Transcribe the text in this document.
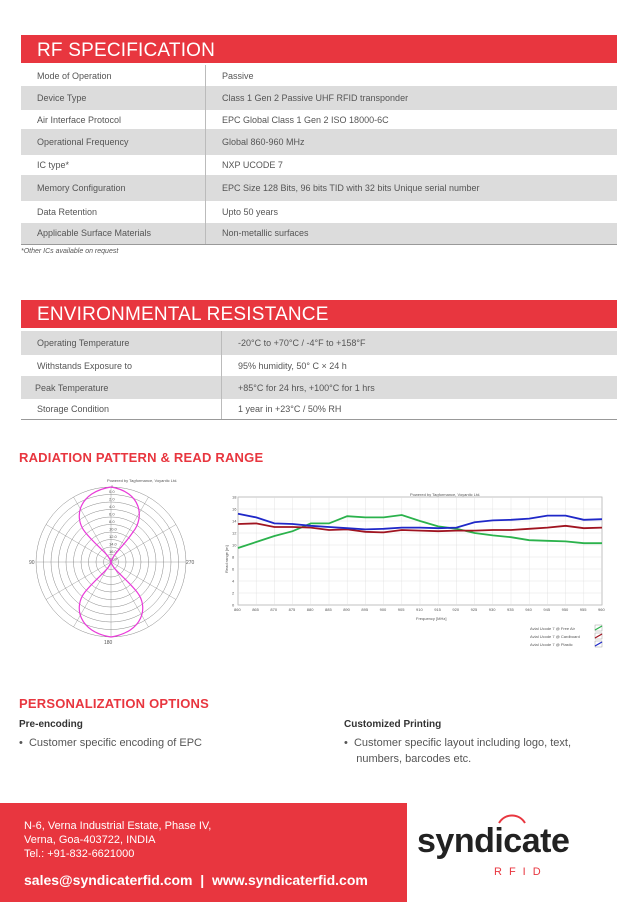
RF SPECIFICATION
Mode of Operation	Passive
Device Type	Class 1 Gen 2 Passive UHF RFID transponder
Air Interface Protocol	EPC Global Class 1 Gen 2 ISO 18000-6C
Operational Frequency	Global 860-960 MHz
IC type*	NXP UCODE 7
Memory Configuration	EPC Size 128 Bits, 96 bits TID with 32 bits Unique serial number
Data Retention	Upto 50 years
Applicable Surface Materials	Non-metallic surfaces
*Other ICs available on request
ENVIRONMENTAL RESISTANCE
Operating Temperature	-20°C to +70°C / -4°F to +158°F
Withstands Exposure to	95% humidity, 50° C × 24 h
Peak Temperature	+85°C for 24 hrs, +100°C for 1 hrs
Storage Condition	1 year in +23°C / 50% RH
RADIATION PATTERN & READ RANGE
Powered by Tagformance, Voyantic Ltd.
90	270
180
0
0.0
2.0
4.0
6.0
8.0
10.0
12.0
14.0
16.0
18.0
Powered by Tagformance, Voyantic Ltd.
860	865	870	875	880	885	890	895	900	905	910	915	920	925	930	935	940	945	950	955	960
0
2
4
6
8
10
12
14
16
18
Frequency [MHz]
Read range [m]
Avial Ucode 7 @ Free Air
Avial Ucode 7 @ Cardboard
Avial Ucode 7 @ Plastic
PERSONALIZATION OPTIONS
Pre-encoding
•  Customer specific encoding of EPC
Customized Printing
•  Customer specific layout including logo, text,
numbers, barcodes etc.
N-6, Verna Industrial Estate, Phase IV,
Verna, Goa-403722, INDIA
Tel.: +91-832-6621000
sales@syndicaterfid.com  |  www.syndicaterfid.com
syndicate
RFID
